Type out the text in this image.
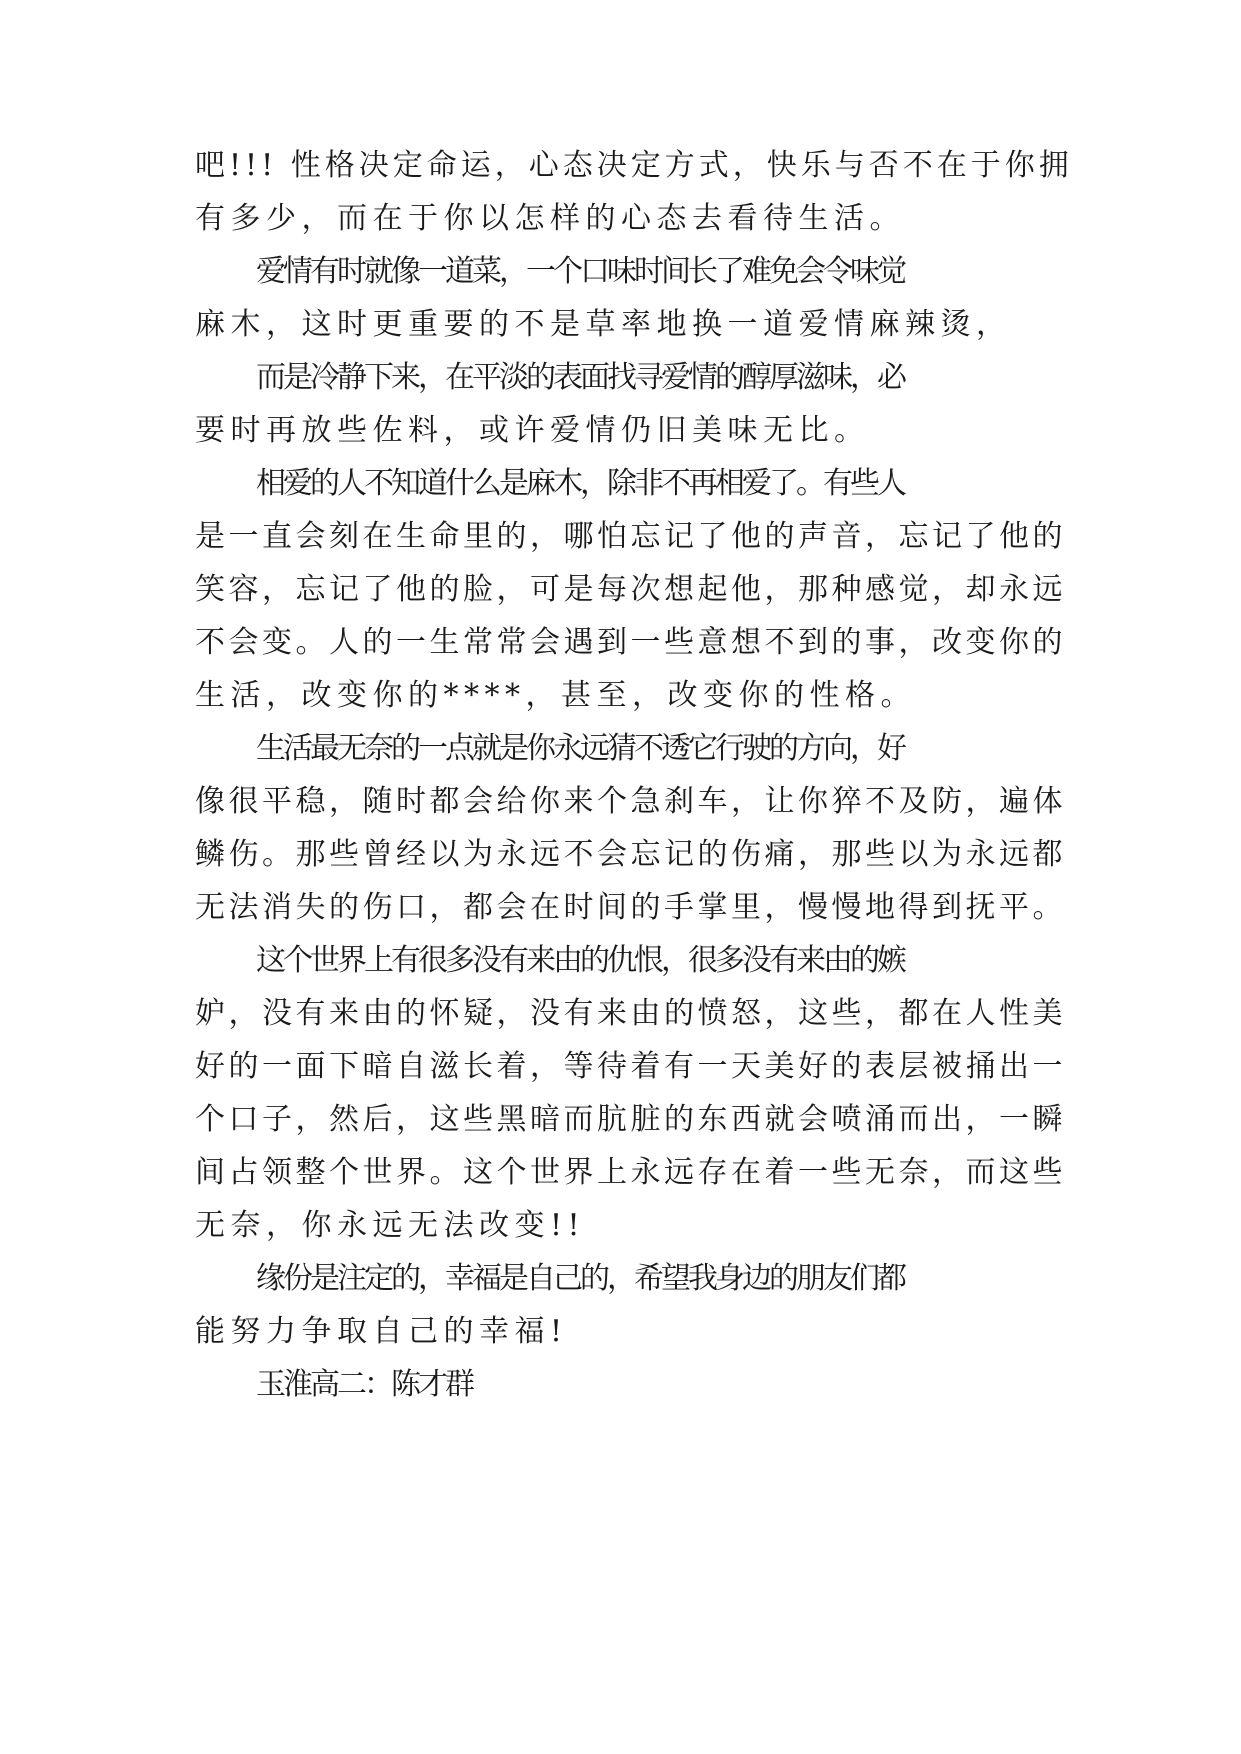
吧!!! 性格决定命运，心态决定方式，快乐与否不在于你拥
有多少，而在于你以怎样的心态去看待生活。
爱情有时就像一道菜，一个口味时间长了难免会令味觉
麻木，这时更重要的不是草率地换一道爱情麻辣烫，
而是冷静下来，在平淡的表面找寻爱情的醇厚滋味，必
要时再放些佐料，或许爱情仍旧美味无比。
相爱的人不知道什么是麻木，除非不再相爱了。有些人
是一直会刻在生命里的，哪怕忘记了他的声音，忘记了他的
笑容，忘记了他的脸，可是每次想起他，那种感觉，却永远
不会变。人的一生常常会遇到一些意想不到的事，改变你的
生活，改变你的****，甚至，改变你的性格。
生活最无奈的一点就是你永远猜不透它行驶的方向，好
像很平稳，随时都会给你来个急刹车，让你猝不及防，遍体
鳞伤。那些曾经以为永远不会忘记的伤痛，那些以为永远都
无法消失的伤口，都会在时间的手掌里，慢慢地得到抚平。
这个世界上有很多没有来由的仇恨，很多没有来由的嫉
妒，没有来由的怀疑，没有来由的愤怒，这些，都在人性美
好的一面下暗自滋长着，等待着有一天美好的表层被捅出一
个口子，然后，这些黑暗而肮脏的东西就会喷涌而出，一瞬
间占领整个世界。这个世界上永远存在着一些无奈，而这些
无奈，你永远无法改变!!
缘份是注定的，幸福是自己的，希望我身边的朋友们都
能努力争取自己的幸福!
玉淮高二：陈才群
